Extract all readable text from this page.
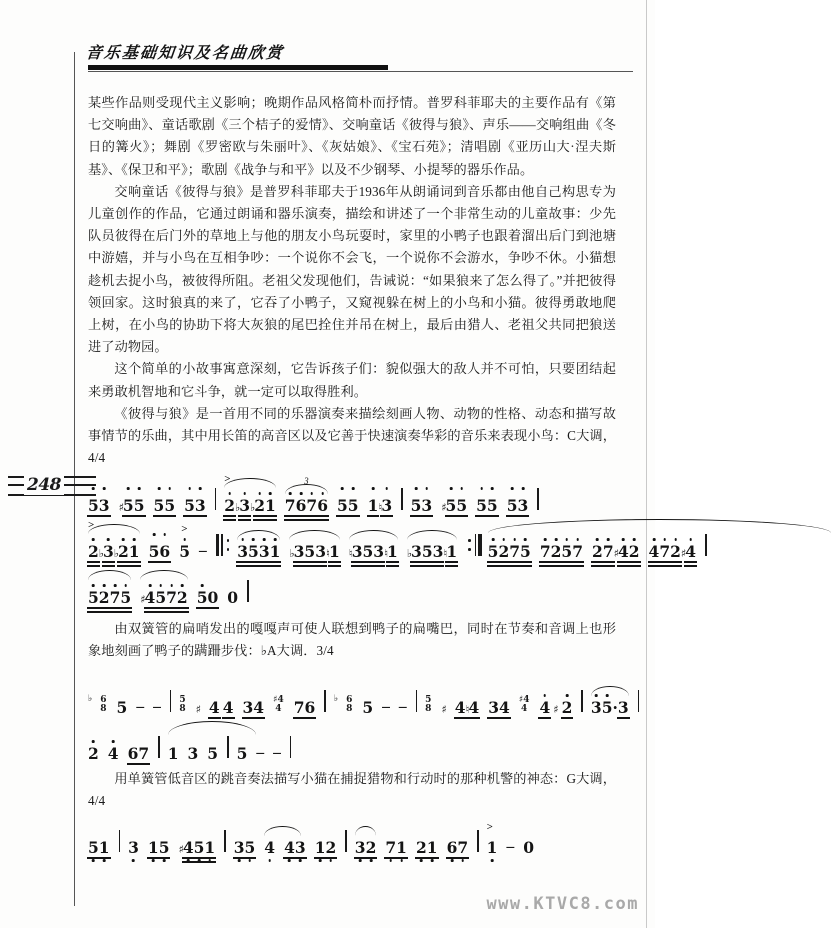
音乐基础知识及名曲欣赏

某些作品则受现代主义影响；晚期作品风格简朴而抒情。普罗科菲耶夫的主要作品有《第七交响曲》、童话歌剧《三个桔子的爱情》、交响童话《彼得与狼》、声乐——交响组曲《冬日的篝火》；舞剧《罗密欧与朱丽叶》、《灰姑娘》、《宝石苑》；清唱剧《亚历山大·涅夫斯基》、《保卫和平》；歌剧《战争与和平》以及不少钢琴、小提琴的器乐作品。

交响童话《彼得与狼》是普罗科菲耶夫于1936年从朗诵词到音乐都由他自己构思专为儿童创作的作品，它通过朗诵和器乐演奏，描绘和讲述了一个非常生动的儿童故事：少先队员彼得在后门外的草地上与他的朋友小鸟玩耍时，家里的小鸭子也跟着溜出后门到池塘中游嬉，并与小鸟在互相争吵：一个说你不会飞，一个说你不会游水，争吵不休。小猫想趁机去捉小鸟，被彼得所阻。老祖父发现他们，告诫说：“如果狼来了怎么得了。”并把彼得领回家。这时狼真的来了，它吞了小鸭子，又窥视躲在树上的小鸟和小猫。彼得勇敢地爬上树，在小鸟的协助下将大灰狼的尾巴拴住并吊在树上，最后由猎人、老祖父共同把狼送进了动物园。

这个简单的小故事寓意深刻，它告诉孩子们：貌似强大的敌人并不可怕，只要团结起来勇敢机智地和它斗争，就一定可以取得胜利。

《彼得与狼》是一首用不同的乐器演奏来描绘刻画人物、动物的性格、动态和描写故事情节的乐曲，其中用长笛的高音区以及它善于快速演奏华彩的音乐来表现小鸟：C大调，4/4

248
5 3 ♯ 5 5 5 5 5 3
>
2 ♭ 3 ♭ 2 1
3
7 6 7 6 5 5 1 ♮ 3 5 3 ♯ 5 5 5 5 5 3
>
2 ♭ 3 ♭ 2 1 5 6
>
5 – 3 5 3 1 ♭ 3 5 3 ♮ 1 ♮ 3 5 3 ♮ 1 ♭ 3 5 3 ♮ 1 5 2 7 5 7 2 5 7 2 7 ♯ 4 2 4 7 2 ♯ 4
5 2 7 5 ♯ 4 5 7 2 5 0 0

由双簧管的扁哨发出的嘎嘎声可使人联想到鸭子的扁嘴巴，同时在节奏和音调上也形象地刻画了鸭子的蹒跚步伐：♭A大调．3/4

♭ 6
8 5 – – 5
8 ♯ 4 4 3 4 ♯4
4 7 6 ♭ 6
8 5 – – 5
8 ♯ 4 ♮ 4 3 4 ♯4
4 4 ♯ 2 3 5 · 3
2 4 6 7 1 3 5 5 – –

用单簧管低音区的跳音奏法描写小猫在捕捉猎物和行动时的那种机警的神态：G大调，4/4

5 1 3 1 5 ♯ 4 5 1 3 5 4 4 3 1 2 3 2 7 1 2 1 6 7
>
1 – 0
www.KTVC8.com
